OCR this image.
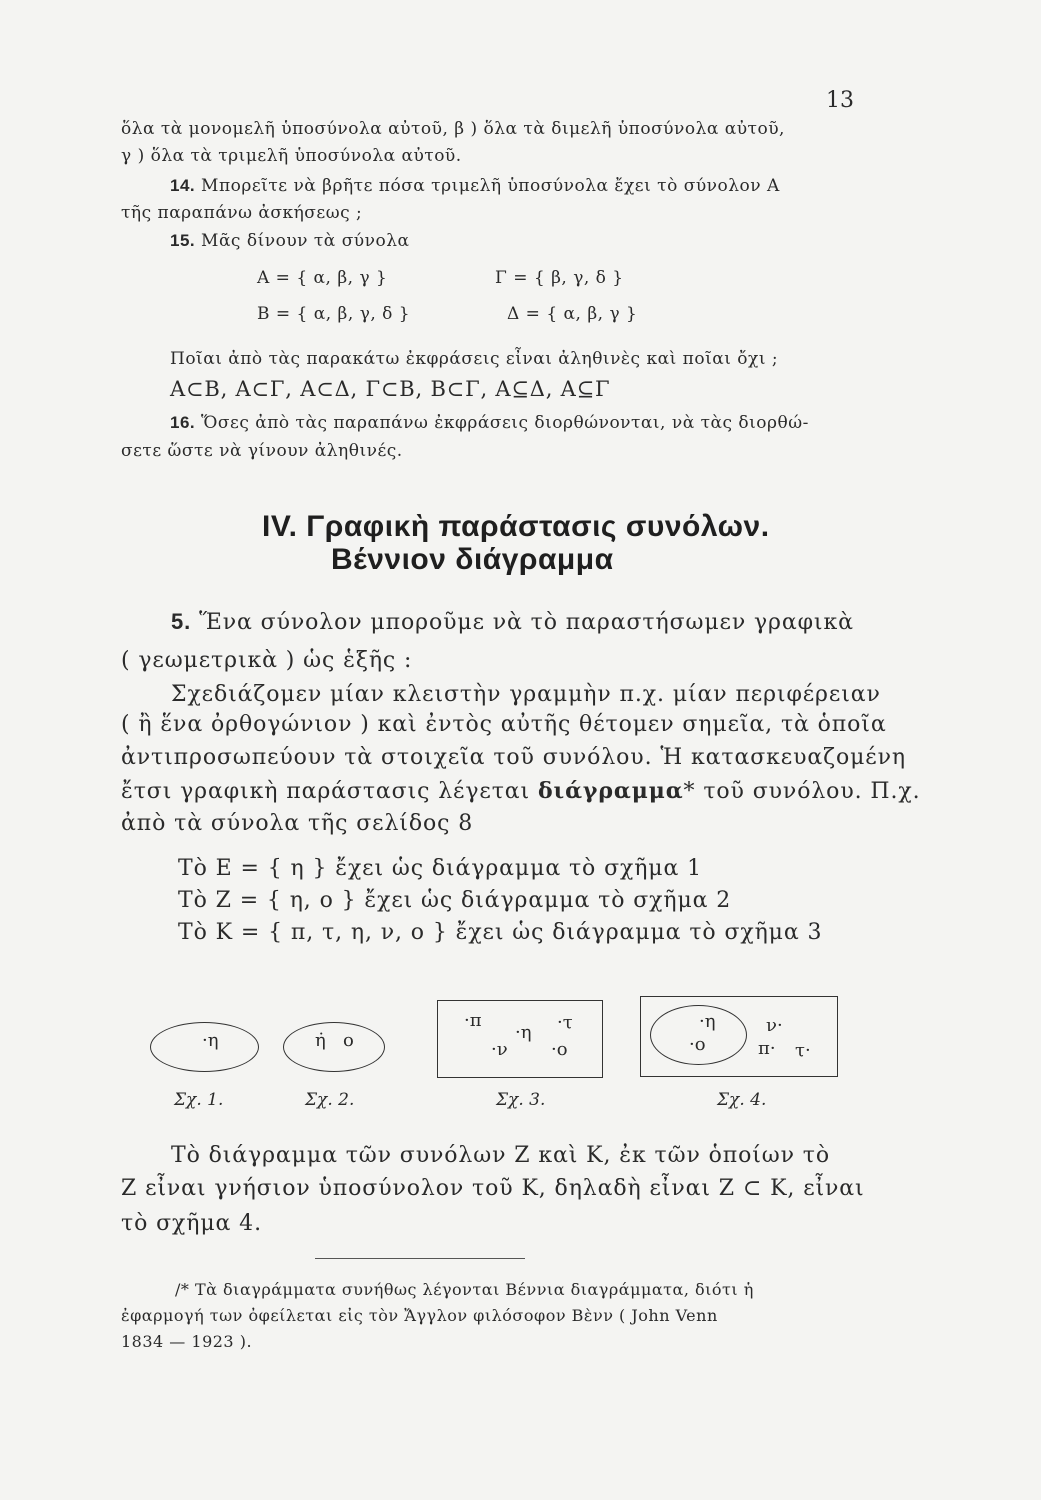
13
ὅλα τὰ μονομελῆ ὑποσύνολα αὐτοῦ, β ) ὅλα τὰ διμελῆ ὑποσύνολα αὐτοῦ,
γ ) ὅλα τὰ τριμελῆ ὑποσύνολα αὐτοῦ.
14. Μπορεῖτε νὰ βρῆτε πόσα τριμελῆ ὑποσύνολα ἔχει τὸ σύνολον Α
τῆς παραπάνω ἀσκήσεως ;
15. Μᾶς δίνουν τὰ σύνολα
Α = { α, β, γ }	Γ = { β, γ, δ }
Β = { α, β, γ, δ }	Δ = { α, β, γ }
Ποῖαι ἀπὸ τὰς παρακάτω ἐκφράσεις εἶναι ἀληθινὲς καὶ ποῖαι ὄχι ;
Α⊂Β, Α⊂Γ, Α⊂Δ, Γ⊂Β, Β⊂Γ, Α⊆Δ, Α⊆Γ
16. Ὅσες ἀπὸ τὰς παραπάνω ἐκφράσεις διορθώνονται, νὰ τὰς διορθώ-
σετε ὥστε νὰ γίνουν ἀληθινές.
ΙV. Γραφικὴ παράστασις συνόλων.
Βέννιον διάγραμμα
5. Ἕνα σύνολον μποροῦμε νὰ τὸ παραστήσωμεν γραφικὰ
( γεωμετρικὰ ) ὡς ἑξῆς :
Σχεδιάζομεν μίαν κλειστὴν γραμμὴν π.χ. μίαν περιφέρειαν
( ἢ ἕνα ὀρθογώνιον ) καὶ ἐντὸς αὐτῆς θέτομεν σημεῖα, τὰ ὁποῖα
ἀντιπροσωπεύουν τὰ στοιχεῖα τοῦ συνόλου. Ἡ κατασκευαζομένη
ἔτσι γραφικὴ παράστασις λέγεται διάγραμμα* τοῦ συνόλου. Π.χ.
ἀπὸ τὰ σύνολα τῆς σελίδος 8
Τὸ Ε = { η } ἔχει ὡς διάγραμμα τὸ σχῆμα 1
Τὸ Ζ = { η, ο } ἔχει ὡς διάγραμμα τὸ σχῆμα 2
Τὸ Κ = { π, τ, η, ν, ο } ἔχει ὡς διάγραμμα τὸ σχῆμα 3
·η	η̇ ο
·π	·τ
·η
·ν ·ο
·η
·ο
ν·
π· τ·
Σχ. 1.	Σχ. 2.	Σχ. 3.	Σχ. 4.
Τὸ διάγραμμα τῶν συνόλων Ζ καὶ Κ, ἐκ τῶν ὁποίων τὸ
Ζ εἶναι γνήσιον ὑποσύνολον τοῦ Κ, δηλαδὴ εἶναι Ζ ⊂ Κ, εἶναι
τὸ σχῆμα 4.
/* Τὰ διαγράμματα συνήθως λέγονται Βέννια διαγράμματα, διότι ἡ
ἐφαρμογή των ὀφείλεται εἰς τὸν Ἄγγλον φιλόσοφον Βὲνν ( John Venn
1834 — 1923 ).
